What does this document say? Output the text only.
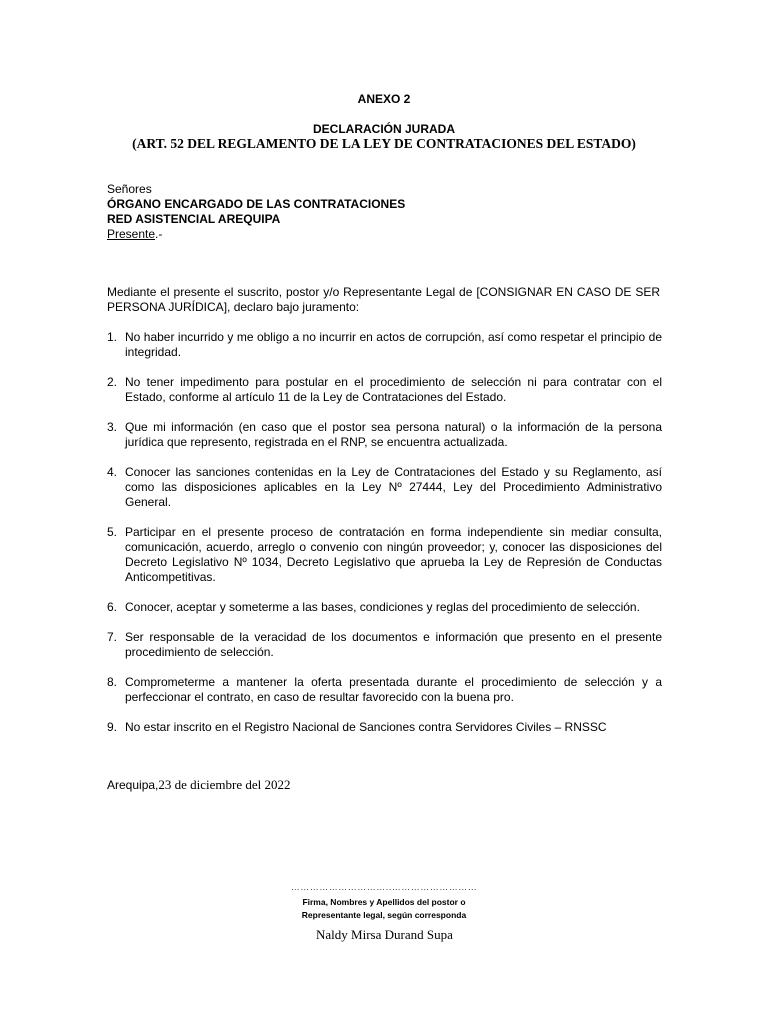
ANEXO 2
DECLARACIÓN JURADA
(ART. 52 DEL REGLAMENTO DE LA LEY DE CONTRATACIONES DEL ESTADO)
Señores
ÓRGANO ENCARGADO DE LAS CONTRATACIONES
RED ASISTENCIAL AREQUIPA
Presente.-
Mediante el presente el suscrito, postor y/o Representante Legal de [CONSIGNAR EN CASO DE SER PERSONA JURÍDICA], declaro bajo juramento:
1. No haber incurrido y me obligo a no incurrir en actos de corrupción, así como respetar el principio de integridad.
2. No tener impedimento para postular en el procedimiento de selección ni para contratar con el Estado, conforme al artículo 11 de la Ley de Contrataciones del Estado.
3. Que mi información (en caso que el postor sea persona natural) o la información de la persona jurídica que represento, registrada en el RNP, se encuentra actualizada.
4. Conocer las sanciones contenidas en la Ley de Contrataciones del Estado y su Reglamento, así como las disposiciones aplicables en la Ley Nº 27444, Ley del Procedimiento Administrativo General.
5. Participar en el presente proceso de contratación en forma independiente sin mediar consulta, comunicación, acuerdo, arreglo o convenio con ningún proveedor; y, conocer las disposiciones del Decreto Legislativo Nº 1034, Decreto Legislativo que aprueba la Ley de Represión de Conductas Anticompetitivas.
6. Conocer, aceptar y someterme a las bases, condiciones y reglas del procedimiento de selección.
7. Ser responsable de la veracidad de los documentos e información que presento en el presente procedimiento de selección.
8. Comprometerme a mantener la oferta presentada durante el procedimiento de selección y a perfeccionar el contrato, en caso de resultar favorecido con la buena pro.
9. No estar inscrito en el Registro Nacional de Sanciones contra Servidores Civiles – RNSSC
Arequipa,23 de diciembre del 2022
…………………………..………………………
Firma, Nombres y Apellidos del postor o
Representante legal, según corresponda
Naldy Mirsa Durand Supa
